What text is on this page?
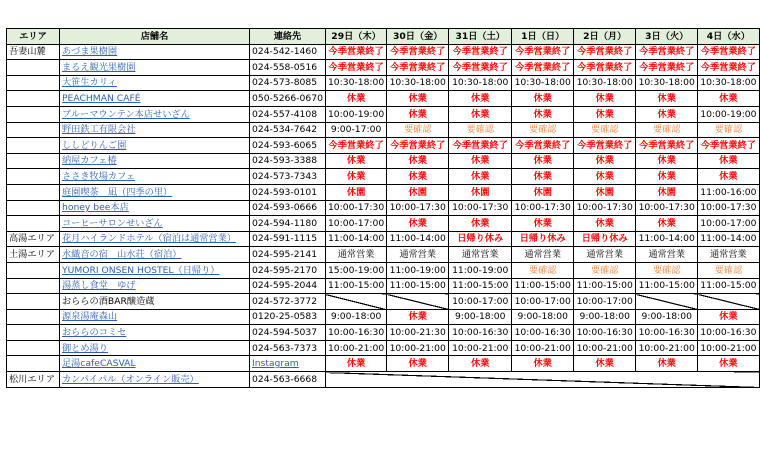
エリア	店舗名	連絡先	29日（木）	30日（金）	31日（土）	1日（日）	2日（月）	3日（火）	4日（水）
吾妻山麓	あづま果樹園	024-542-1460	今季営業終了	今季営業終了	今季営業終了	今季営業終了	今季営業終了	今季営業終了	今季営業終了
	まるえ観光果樹園	024-558-0516	今季営業終了	今季営業終了	今季営業終了	今季営業終了	今季営業終了	今季営業終了	今季営業終了
	大笹生カリィ	024-573-8085	10:30-18:00	10:30-18:00	10:30-18:00	10:30-18:00	10:30-18:00	10:30-18:00	10:30-18:00
	PEACHMAN CAFÉ	050-5266-0670	休業	休業	休業	休業	休業	休業	休業
	ブルーマウンテン本店せいざん	024-557-4108	10:00-19:00	休業	休業	休業	休業	休業	10:00-19:00
	野田鉄工有限会社	024-534-7642	9:00-17:00	要確認	要確認	要確認	要確認	要確認	要確認
	ししどりんご園	024-593-6065	今季営業終了	今季営業終了	今季営業終了	今季営業終了	今季営業終了	今季営業終了	今季営業終了
	納屋カフェ椿	024-593-3388	休業	休業	休業	休業	休業	休業	休業
	ささき牧場カフェ	024-573-7343	休業	休業	休業	休業	休業	休業	休業
	庭園喫茶　凪（四季の里）	024-593-0101	休園	休園	休園	休園	休園	休園	11:00-16:00
	honey bee本店	024-593-0666	10:00-17:30	10:00-17:30	10:00-17:30	10:00-17:30	10:00-17:30	10:00-17:30	10:00-17:30
	コーヒーサロンせいざん	024-594-1180	10:00-17:00	休業	休業	休業	休業	休業	10:00-17:00
高湯エリア	花月ハイランドホテル（宿泊は通常営業）	024-591-1115	11:00-14:00	11:00-14:00	日帰り休み	日帰り休み	日帰り休み	11:00-14:00	11:00-14:00
土湯エリア	水織音の宿　山水荘（宿泊）	024-595-2141	通常営業	通常営業	通常営業	通常営業	通常営業	通常営業	通常営業
	YUMORI ONSEN HOSTEL（日帰り）	024-595-2170	15:00-19:00	11:00-19:00	11:00-19:00	要確認	要確認	要確認	要確認
	湯蒸し食堂　ゆげ	024-595-2044	11:00-15:00	11:00-15:00	11:00-15:00	11:00-15:00	11:00-15:00	11:00-15:00	11:00-15:00
	おららの酒BAR醸造蔵	024-572-3772			10:00-17:00	10:00-17:00	10:00-17:00		
	源泉湯庵森山	0120-25-0583	9:00-18:00	休業	9:00-18:00	9:00-18:00	9:00-18:00	9:00-18:00	休業
	おららのコミセ	024-594-5037	10:00-16:30	10:00-21:30	10:00-16:30	10:00-16:30	10:00-16:30	10:00-16:30	10:00-16:30
	御とめ湯り	024-563-7373	10:00-21:00	10:00-21:00	10:00-21:00	10:00-21:00	10:00-21:00	10:00-21:00	10:00-21:00
	足湯cafeCASVAL	Instagram	休業	休業	休業	休業	休業	休業	休業
松川エリア	カンパイパル（オンライン販売）	024-563-6668							
